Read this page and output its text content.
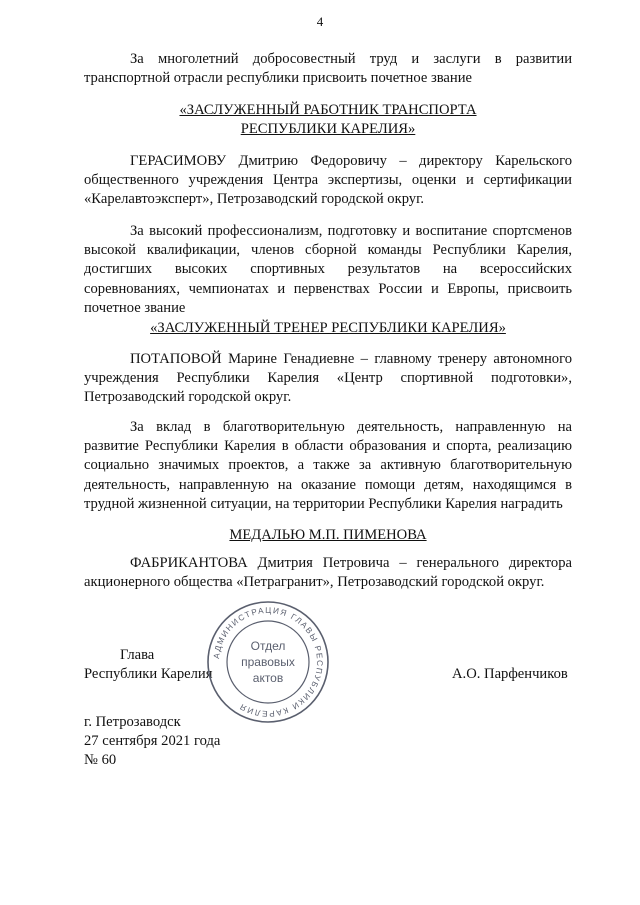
4
За многолетний добросовестный труд и заслуги в развитии транспортной отрасли республики присвоить почетное звание
«ЗАСЛУЖЕННЫЙ РАБОТНИК ТРАНСПОРТА
РЕСПУБЛИКИ КАРЕЛИЯ»
ГЕРАСИМОВУ Дмитрию Федоровичу – директору Карельского общественного учреждения Центра экспертизы, оценки и сертификации «Карелавтоэксперт», Петрозаводский городской округ.
За высокий профессионализм, подготовку и воспитание спортсменов высокой квалификации, членов сборной команды Республики Карелия, достигших высоких спортивных результатов на всероссийских соревнованиях, чемпионатах и первенствах России и Европы, присвоить почетное звание
«ЗАСЛУЖЕННЫЙ ТРЕНЕР РЕСПУБЛИКИ КАРЕЛИЯ»
ПОТАПОВОЙ Марине Генадиевне – главному тренеру автономного учреждения Республики Карелия «Центр спортивной подготовки», Петрозаводский городской округ.
За вклад в благотворительную деятельность, направленную на развитие Республики Карелия в области образования и спорта, реализацию социально значимых проектов, а также за активную благотворительную деятельность, направленную на оказание помощи детям, находящимся в трудной жизненной ситуации, на территории Республики Карелия наградить
МЕДАЛЬЮ М.П. ПИМЕНОВА
ФАБРИКАНТОВА Дмитрия Петровича – генерального директора акционерного общества «Петрагранит», Петрозаводский городской округ.
Глава
Республики Карелия	А.О. Парфенчиков
АДМИНИСТРАЦИЯ ГЛАВЫ РЕСПУБЛИКИ КАРЕЛИЯ
Отдел
правовых
актов
г. Петрозаводск
27 сентября 2021 года
№ 60
